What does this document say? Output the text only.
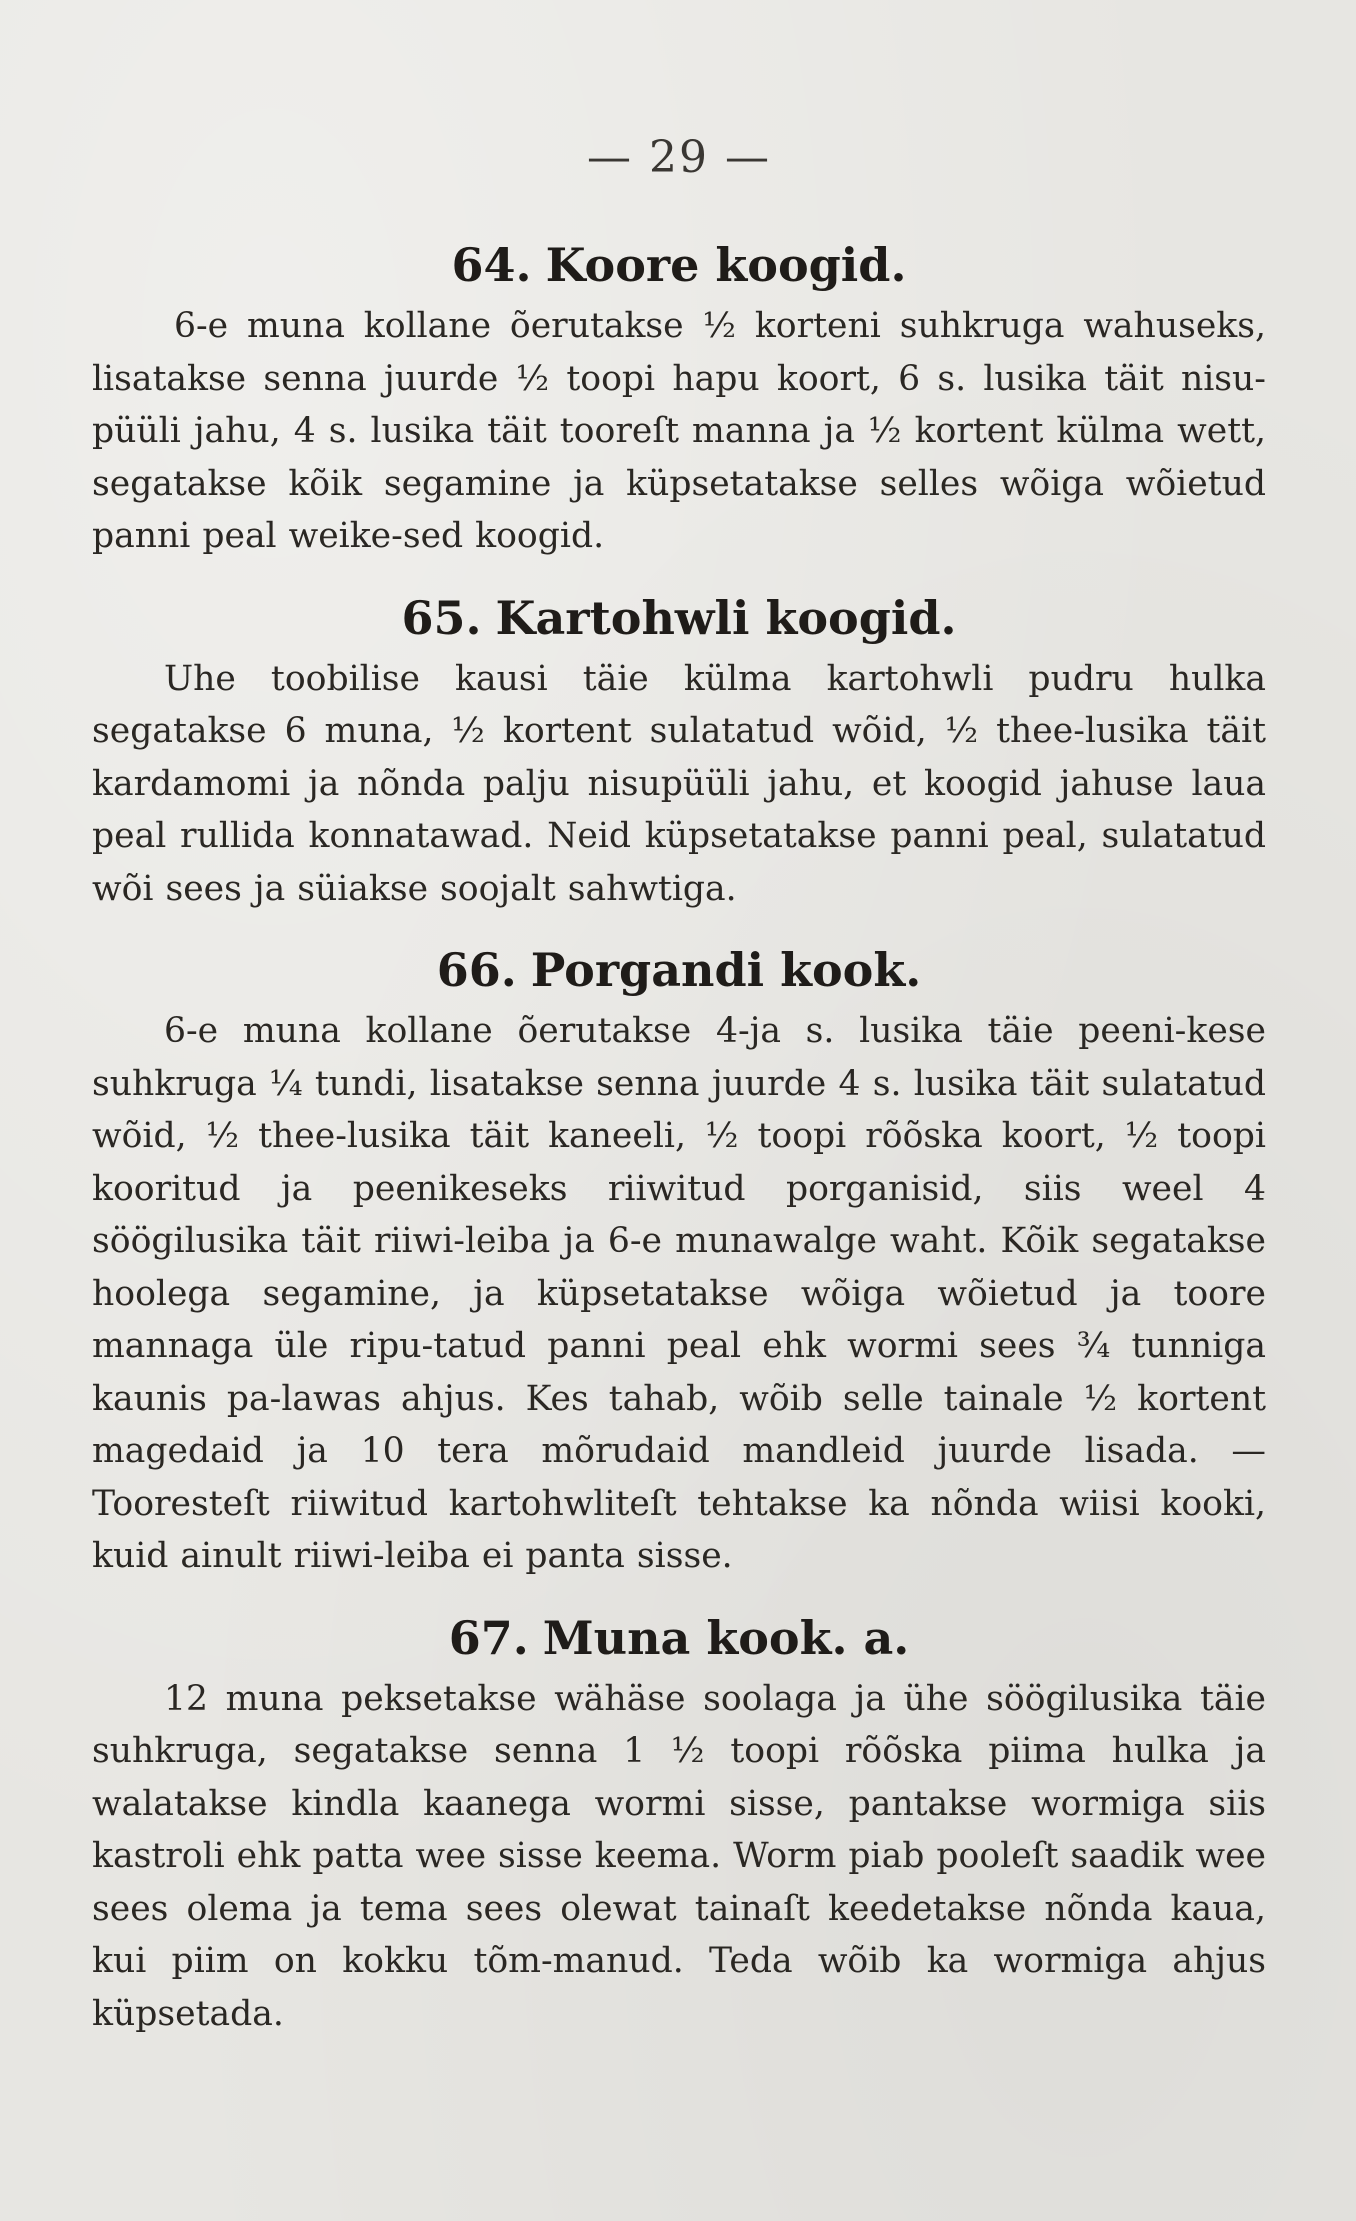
— 29 —
64. Koore koogid.

6-e muna kollane õerutakse ½ korteni suhkruga wahuseks, lisatakse senna juurde ½ toopi hapu koort, 6 s. lusika täit nisu-püüli jahu, 4 s. lusika täit tooreſt manna ja ½ kortent külma wett, segatakse kõik segamine ja küpsetatakse selles wõiga wõietud panni peal weike-sed koogid.

65. Kartohwli koogid.

Uhe toobilise kausi täie külma kartohwli pudru hulka segatakse 6 muna, ½ kortent sulatatud wõid, ½ thee-lusika täit kardamomi ja nõnda palju nisupüüli jahu, et koogid jahuse laua peal rullida konnatawad. Neid küpsetatakse panni peal, sulatatud wõi sees ja süiakse soojalt sahwtiga.

66. Porgandi kook.

6-e muna kollane õerutakse 4-ja s. lusika täie peeni-kese suhkruga ¼ tundi, lisatakse senna juurde 4 s. lusika täit sulatatud wõid, ½ thee-lusika täit kaneeli, ½ toopi rõõska koort, ½ toopi kooritud ja peenikeseks riiwitud porganisid, siis weel 4 söögilusika täit riiwi-leiba ja 6-e munawalge waht. Kõik segatakse hoolega segamine, ja küpsetatakse wõiga wõietud ja toore mannaga üle ripu-tatud panni peal ehk wormi sees ¾ tunniga kaunis pa-lawas ahjus. Kes tahab, wõib selle tainale ½ kortent magedaid ja 10 tera mõrudaid mandleid juurde lisada. — Tooresteſt riiwitud kartohwliteſt tehtakse ka nõnda wiisi kooki, kuid ainult riiwi-leiba ei panta sisse.

67. Muna kook. a.

12 muna peksetakse wähäse soolaga ja ühe söögilusika täie suhkruga, segatakse senna 1 ½ toopi rõõska piima hulka ja walatakse kindla kaanega wormi sisse, pantakse wormiga siis kastroli ehk patta wee sisse keema. Worm piab pooleſt saadik wee sees olema ja tema sees olewat tainaſt keedetakse nõnda kaua, kui piim on kokku tõm-manud. Teda wõib ka wormiga ahjus küpsetada.
